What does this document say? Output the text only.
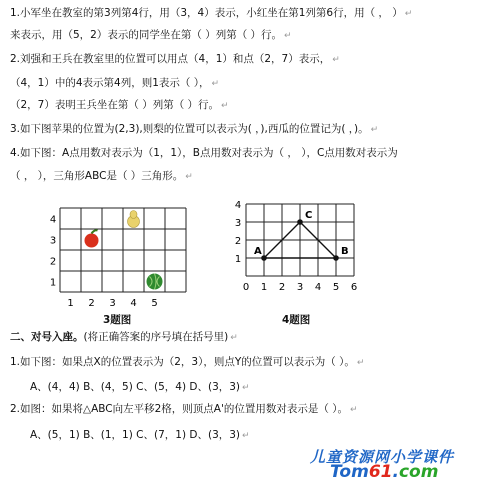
1.小军坐在教室的第3列第4行，用（3，4）表示，小红坐在第1列第6行，用（ ， ） ↵
来表示，用（5，2）表示的同学坐在第（ ）列第（ ）行。 ↵
2.刘强和王兵在教室里的位置可以用点（4，1）和点（2，7）表示， ↵
（4，1）中的4表示第4列，则1表示（ ）， ↵
（2，7）表明王兵坐在第（ ）列第（ ）行。 ↵
3.如下图苹果的位置为(2,3),则梨的位置可以表示为( ，),西瓜的位置记为( ，)。 ↵
4.如下图：A点用数对表示为（1，1），B点用数对表示为（ ， ），C点用数对表示为
（ ， ），三角形ABC是（ ）三角形。 ↵
1
2
3
4
1 2 3 4 5
3题图
1
2
3
4
0 1 2 3 4 5 6
A	B
C
4题图
二、对号入座。(将正确答案的序号填在括号里) ↵
1.如下图：如果点X的位置表示为（2，3），则点Y的位置可以表示为（ ）。 ↵
A、(4，4) B、(4，5) C、(5，4) D、(3，3) ↵
2.如图：如果将△ABC向左平移2格，则顶点A'的位置用数对表示是（ ）。 ↵
A、(5，1) B、(1，1) C、(7，1) D、(3，3) ↵
儿童资源网小学课件
Tom61.com
